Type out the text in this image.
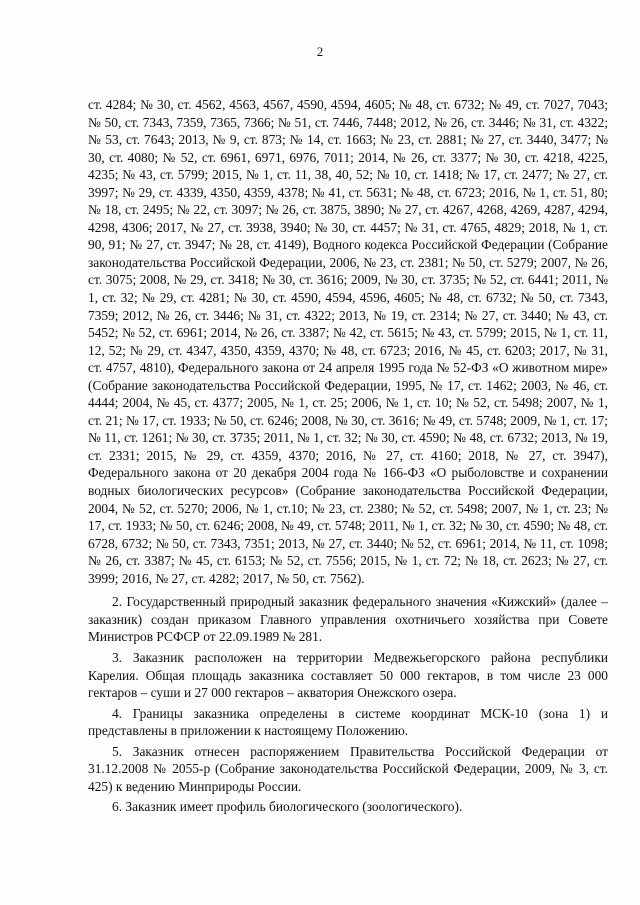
2

ст. 4284; № 30, ст. 4562, 4563, 4567, 4590, 4594, 4605; № 48, ст. 6732; № 49, ст. 7027, 7043; № 50, ст. 7343, 7359, 7365, 7366; № 51, ст. 7446, 7448; 2012, № 26, ст. 3446; № 31, ст. 4322; № 53, ст. 7643; 2013, № 9, ст. 873; № 14, ст. 1663; № 23, ст. 2881; № 27, ст. 3440, 3477; № 30, ст. 4080; № 52, ст. 6961, 6971, 6976, 7011; 2014, № 26, ст. 3377; № 30, ст. 4218, 4225, 4235; № 43, ст. 5799; 2015, № 1, ст. 11, 38, 40, 52; № 10, ст. 1418; № 17, ст. 2477; № 27, ст. 3997; № 29, ст. 4339, 4350, 4359, 4378; № 41, ст. 5631; № 48, ст. 6723; 2016, № 1, ст. 51, 80; № 18, ст. 2495; № 22, ст. 3097; № 26, ст. 3875, 3890; № 27, ст. 4267, 4268, 4269, 4287, 4294, 4298, 4306; 2017, № 27, ст. 3938, 3940; № 30, ст. 4457; № 31, ст. 4765, 4829; 2018, № 1, ст. 90, 91; № 27, ст. 3947; № 28, ст. 4149), Водного кодекса Российской Федерации (Собрание законодательства Российской Федерации, 2006, № 23, ст. 2381; № 50, ст. 5279; 2007, № 26, ст. 3075; 2008, № 29, ст. 3418; № 30, ст. 3616; 2009, № 30, ст. 3735; № 52, ст. 6441; 2011, № 1, ст. 32; № 29, ст. 4281; № 30, ст. 4590, 4594, 4596, 4605; № 48, ст. 6732; № 50, ст. 7343, 7359; 2012, № 26, ст. 3446; № 31, ст. 4322; 2013, № 19, ст. 2314; № 27, ст. 3440; № 43, ст. 5452; № 52, ст. 6961; 2014, № 26, ст. 3387; № 42, ст. 5615; № 43, ст. 5799; 2015, № 1, ст. 11, 12, 52; № 29, ст. 4347, 4350, 4359, 4370; № 48, ст. 6723; 2016, № 45, ст. 6203; 2017, № 31, ст. 4757, 4810), Федерального закона от 24 апреля 1995 года № 52-ФЗ «О животном мире» (Собрание законодательства Российской Федерации, 1995, № 17, ст. 1462; 2003, № 46, ст. 4444; 2004, № 45, ст. 4377; 2005, № 1, ст. 25; 2006, № 1, ст. 10; № 52, ст. 5498; 2007, № 1, ст. 21; № 17, ст. 1933; № 50, ст. 6246; 2008, № 30, ст. 3616; № 49, ст. 5748; 2009, № 1, ст. 17; № 11, ст. 1261; № 30, ст. 3735; 2011, № 1, ст. 32; № 30, ст. 4590; № 48, ст. 6732; 2013, № 19, ст. 2331; 2015, № 29, ст. 4359, 4370; 2016, № 27, ст. 4160; 2018, № 27, ст. 3947), Федерального закона от 20 декабря 2004 года № 166-ФЗ «О рыболовстве и сохранении водных биологических ресурсов» (Собрание законодательства Российской Федерации, 2004, № 52, ст. 5270; 2006, № 1, ст.10; № 23, ст. 2380; № 52, ст. 5498; 2007, № 1, ст. 23; № 17, ст. 1933; № 50, ст. 6246; 2008, № 49, ст. 5748; 2011, № 1, ст. 32; № 30, ст. 4590; № 48, ст. 6728, 6732; № 50, ст. 7343, 7351; 2013, № 27, ст. 3440; № 52, ст. 6961; 2014, № 11, ст. 1098; № 26, ст. 3387; № 45, ст. 6153; № 52, ст. 7556; 2015, № 1, ст. 72; № 18, ст. 2623; № 27, ст. 3999; 2016, № 27, ст. 4282; 2017, № 50, ст. 7562).

2. Государственный природный заказник федерального значения «Кижский» (далее – заказник) создан приказом Главного управления охотничьего хозяйства при Совете Министров РСФСР от 22.09.1989 № 281.

3. Заказник расположен на территории Медвежьегорского района республики Карелия. Общая площадь заказника составляет 50 000 гектаров, в том числе 23 000 гектаров – суши и 27 000 гектаров – акватория Онежского озера.

4. Границы заказника определены в системе координат МСК-10 (зона 1) и представлены в приложении к настоящему Положению.

5. Заказник отнесен распоряжением Правительства Российской Федерации от 31.12.2008 № 2055-р (Собрание законодательства Российской Федерации, 2009, № 3, ст. 425) к ведению Минприроды России.

6. Заказник имеет профиль биологического (зоологического).
